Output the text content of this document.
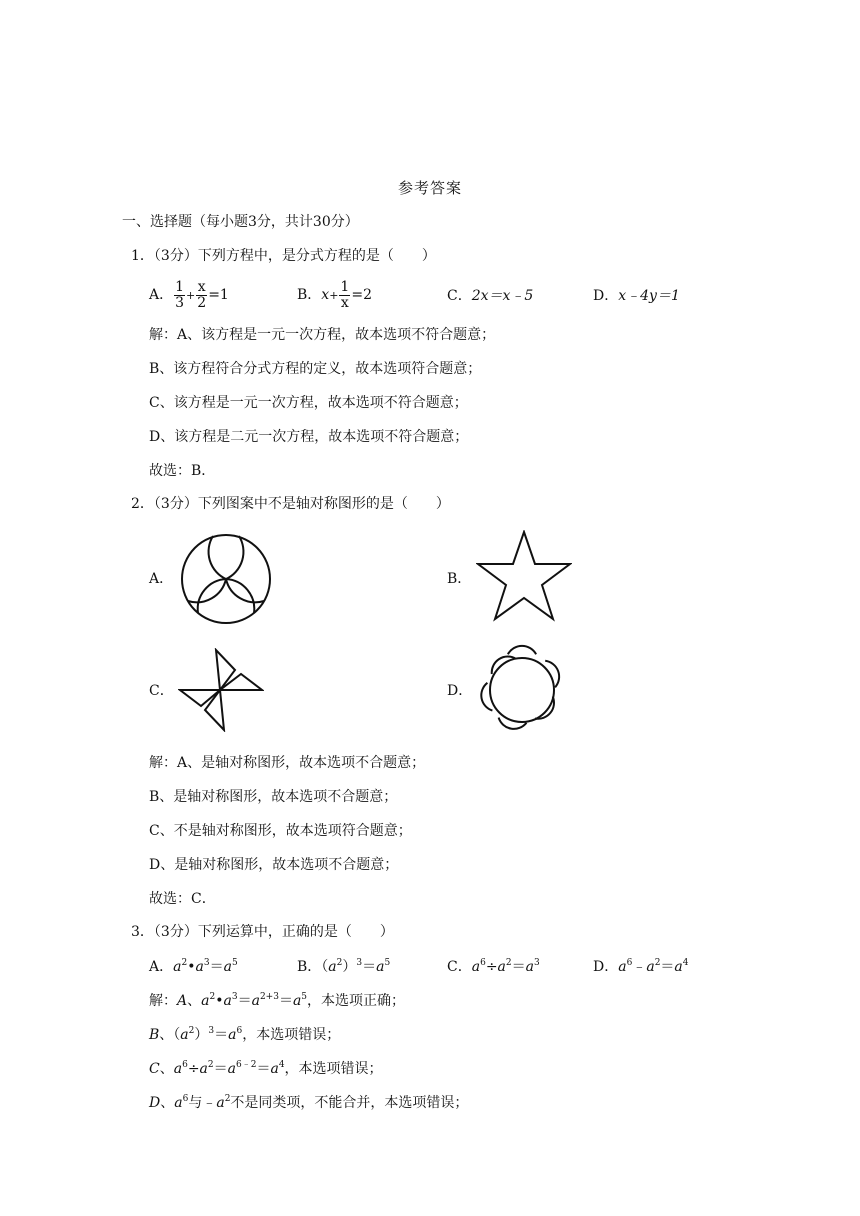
参考答案
一、选择题（每小题3分，共计30分）
1．（3分）下列方程中，是分式方程的是（　　）
A． $\frac{1}{3} + \frac{x}{2} =1$	B．$x+ \frac{1}{x} =2$	C．2x＝x﹣5	D．x﹣4y＝1
解：A、该方程是一元一次方程，故本选项不符合题意；
B、该方程符合分式方程的定义，故本选项符合题意；
C、该方程是一元一次方程，故本选项不符合题意；
D、该方程是二元一次方程，故本选项不符合题意；
故选：B．
2．（3分）下列图案中不是轴对称图形的是（　　）
A．	B．
C．	D．
解：A、是轴对称图形，故本选项不合题意；
B、是轴对称图形，故本选项不合题意；
C、不是轴对称图形，故本选项符合题意；
D、是轴对称图形，故本选项不合题意；
故选：C．
3．（3分）下列运算中，正确的是（　　）
A．$a^2•a^3=a^5$	B．$(a^2)^3=a^5$	C．$a^6\div a^2=a^3$	D．$a^6﹣a^2=a^4$
解：A、$a^2•a^3=a^{2+3}=a^5$，本选项正确；
B、$(a^2)^3=a^6$，本选项错误；
C、$a^6\div a^2=a^{6﹣2}=a^4$，本选项错误；
D、$a^6$与$﹣a^2$不是同类项，不能合并，本选项错误；
